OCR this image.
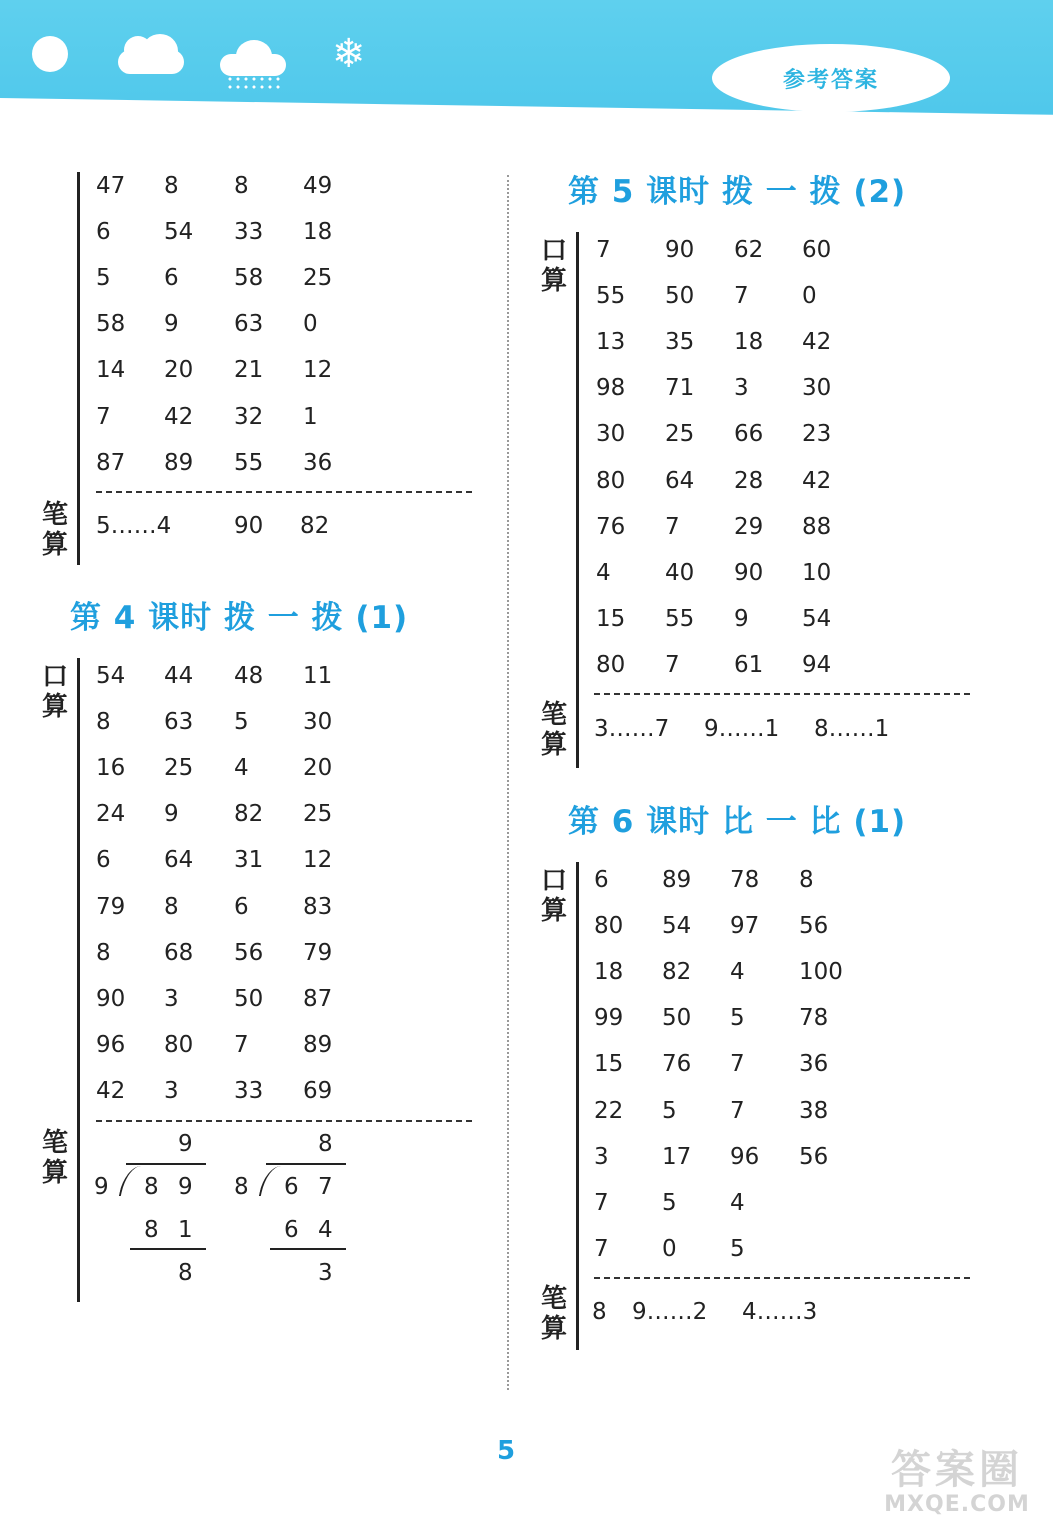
❄
参考答案
47 8 8 49
6 54 33 18
5 6 58 25
58 9 63 0
14 20 21 12
7 42 32 1
87 89 55 36
笔算
5……4	90 82
第 4 课时 拨 一 拨 (1)
口算
54 44 48 11
8 63 5 30
16 25 4 20
24 9 82 25
6 64 31 12
79 8 6 83
8 68 56 79
90 3 50 87
96 80 7 89
42 3 33 69
笔算
9
9 8 9
8 1
8
8
8 6 7
6 4
3
第 5 课时 拨 一 拨 (2)
口算
7 90 62 60
55 50 7 0
13 35 18 42
98 71 3 30
30 25 66 23
80 64 28 42
76 7 29 88
4 40 90 10
15 55 9 54
80 7 61 94
笔算
3……7 9……1 8……1
第 6 课时 比 一 比 (1)
口算
6 89 78 8
80 54 97 56
18 82 4 100
99 50 5 78
15 76 7 36
22 5 7 38
3 17 96 56
7 5 4
7 0 5
笔算
8 9……2 4……3
5	答案圈
MXQE.COM
